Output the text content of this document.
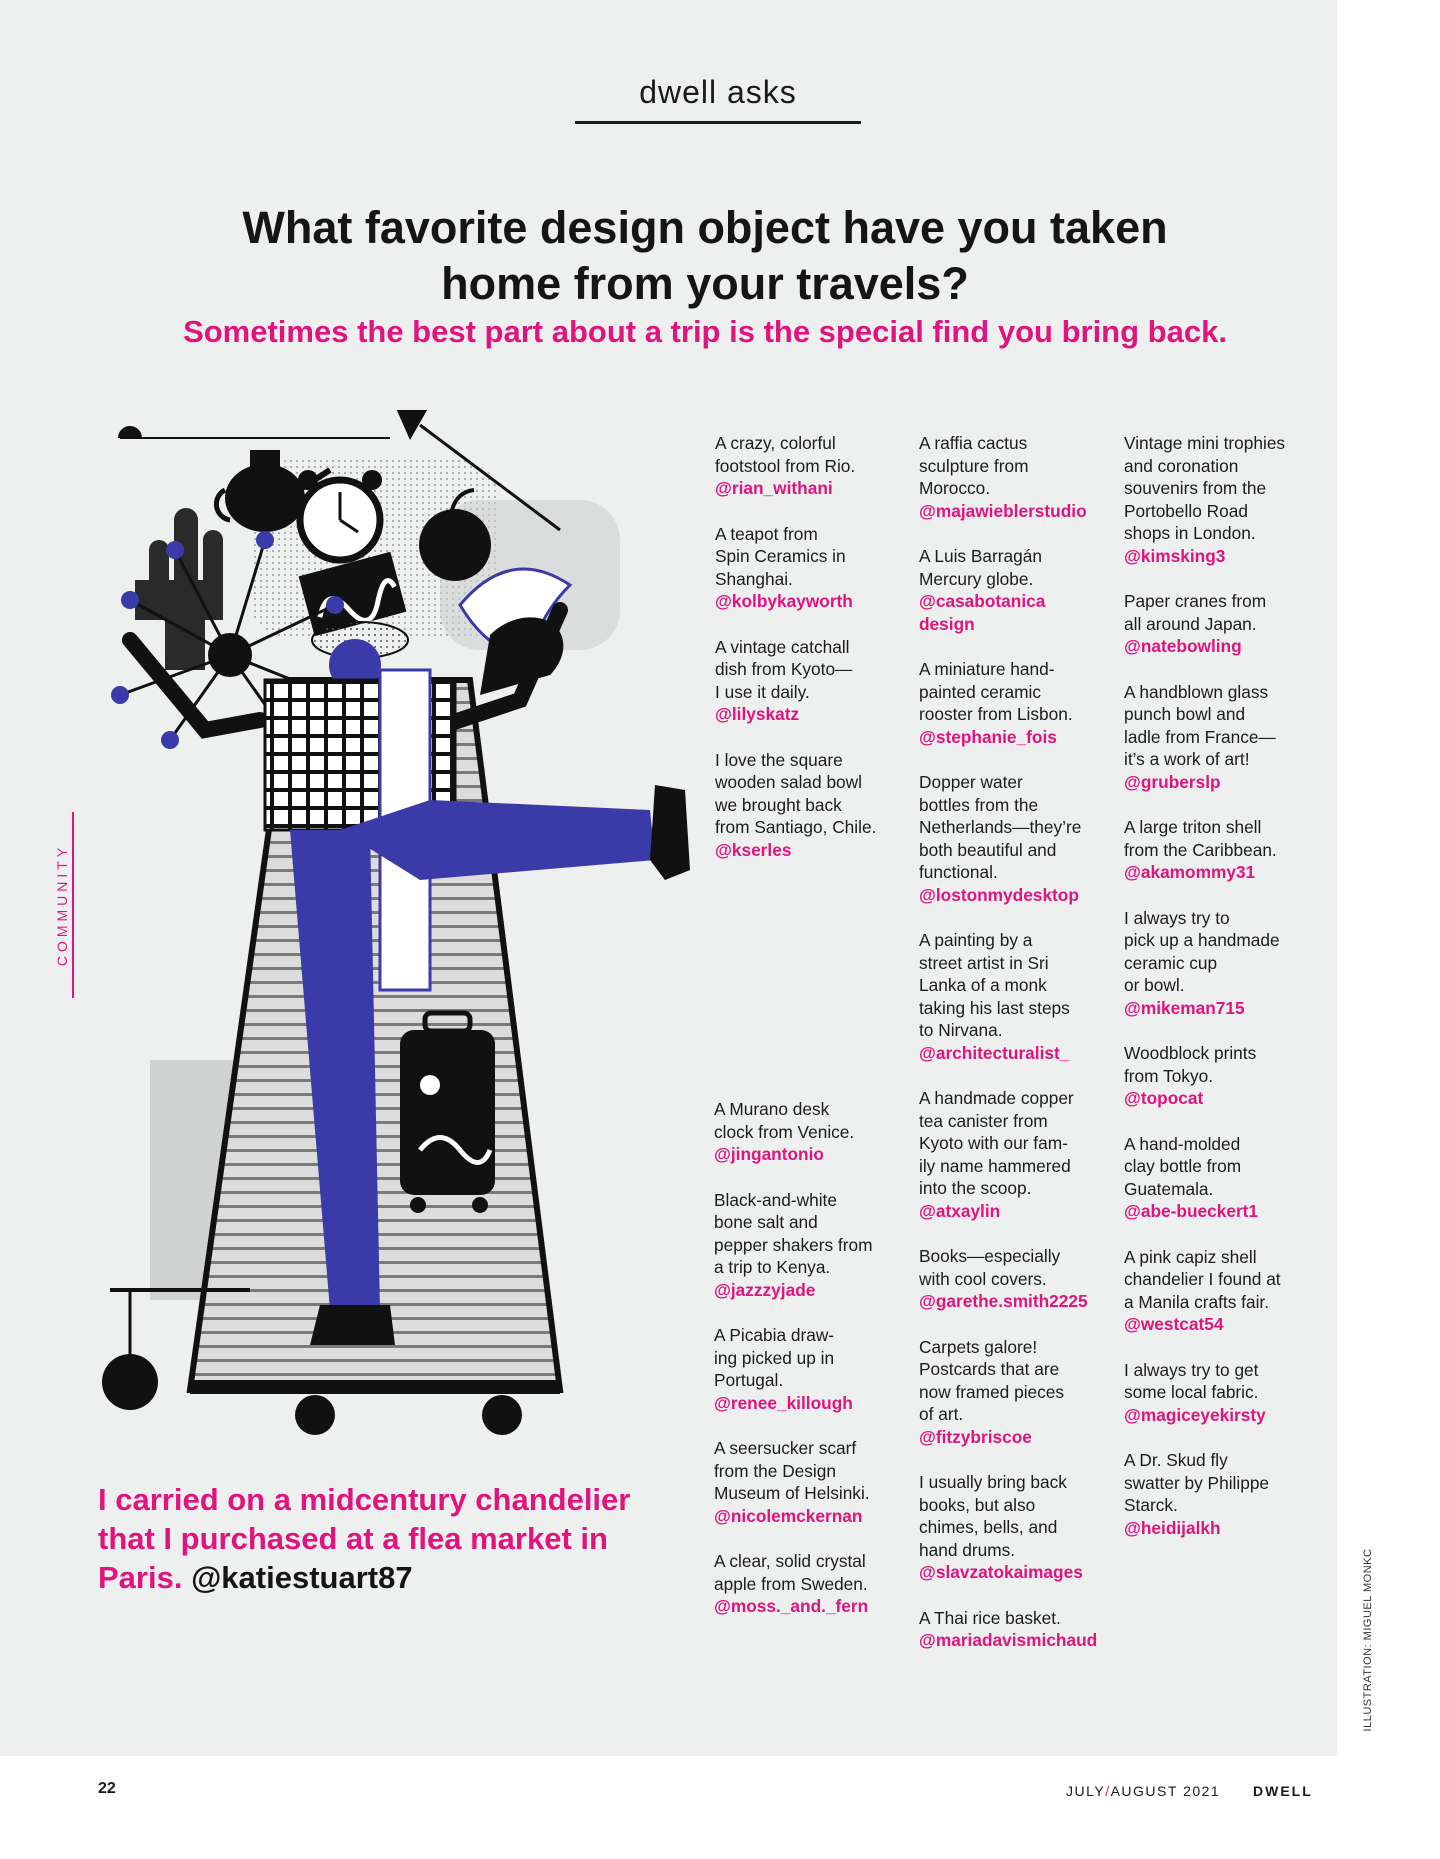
dwell asks
What favorite design object have you taken home from your travels?
Sometimes the best part about a trip is the special find you bring back.
COMMUNITY
I carried on a midcentury chandelier that I purchased at a flea market in Paris. @katiestuart87
A Murano desk
clock from Venice.
@jingantonio
Black-and-white
bone salt and
pepper shakers from
a trip to Kenya.
@jazzzyjade
A Picabia draw-
ing picked up in
Portugal.
@renee_killough
A seersucker scarf
from the Design
Museum of Helsinki.
@nicolemckernan
A clear, solid crystal
apple from Sweden.
@moss._and._fern
A crazy, colorful
footstool from Rio.
@rian_withani
A teapot from
Spin Ceramics in
Shanghai.
@kolbykayworth
A vintage catchall
dish from Kyoto—
I use it daily.
@lilyskatz
I love the square
wooden salad bowl
we brought back
from Santiago, Chile.
@kserles
A raffia cactus
sculpture from
Morocco.
@majawieblerstudio
A Luis Barragán
Mercury globe.
@casabotanica
design
A miniature hand-
painted ceramic
rooster from Lisbon.
@stephanie_fois
Dopper water
bottles from the
Netherlands—they’re
both beautiful and
functional.
@lostonmydesktop
A painting by a
street artist in Sri
Lanka of a monk
taking his last steps
to Nirvana.
@architecturalist_
A handmade copper
tea canister from
Kyoto with our fam-
ily name hammered
into the scoop.
@atxaylin
Books—especially
with cool covers.
@garethe.smith2225
Carpets galore!
Postcards that are
now framed pieces
of art.
@fitzybriscoe
I usually bring back
books, but also
chimes, bells, and
hand drums.
@slavzatokaimages
A Thai rice basket.
@mariadavismichaud
Vintage mini trophies
and coronation
souvenirs from the
Portobello Road
shops in London.
@kimsking3
Paper cranes from
all around Japan.
@natebowling
A handblown glass
punch bowl and
ladle from France—
it’s a work of art!
@gruberslp
A large triton shell
from the Caribbean.
@akamommy31
I always try to
pick up a handmade
ceramic cup
or bowl.
@mikeman715
Woodblock prints
from Tokyo.
@topocat
A hand-molded
clay bottle from
Guatemala.
@abe-bueckert1
A pink capiz shell
chandelier I found at
a Manila crafts fair.
@westcat54
I always try to get
some local fabric.
@magiceyekirsty
A Dr. Skud fly
swatter by Philippe
Starck.
@heidijalkh
ILLUSTRATION: MIGUEL MONKC
22	JULY/AUGUST 2021 DWELL
